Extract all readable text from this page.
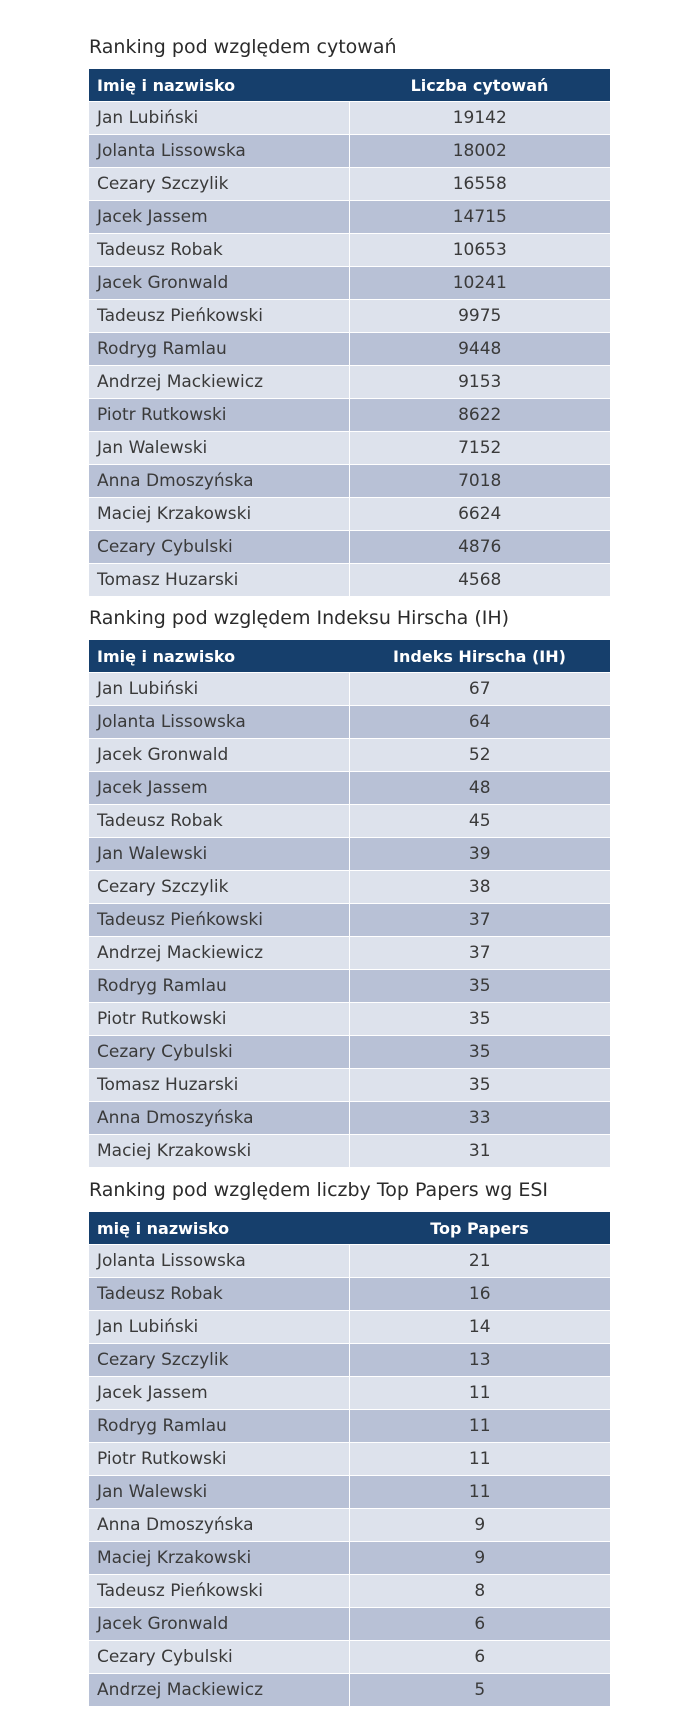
Ranking pod względem cytowań
Imię i nazwisko	Liczba cytowań
Jan Lubiński	19142
Jolanta Lissowska	18002
Cezary Szczylik	16558
Jacek Jassem	14715
Tadeusz Robak	10653
Jacek Gronwald	10241
Tadeusz Pieńkowski	9975
Rodryg Ramlau	9448
Andrzej Mackiewicz	9153
Piotr Rutkowski	8622
Jan Walewski	7152
Anna Dmoszyńska	7018
Maciej Krzakowski	6624
Cezary Cybulski	4876
Tomasz Huzarski	4568
Ranking pod względem Indeksu Hirscha (IH)
Imię i nazwisko	Indeks Hirscha (IH)
Jan Lubiński	67
Jolanta Lissowska	64
Jacek Gronwald	52
Jacek Jassem	48
Tadeusz Robak	45
Jan Walewski	39
Cezary Szczylik	38
Tadeusz Pieńkowski	37
Andrzej Mackiewicz	37
Rodryg Ramlau	35
Piotr Rutkowski	35
Cezary Cybulski	35
Tomasz Huzarski	35
Anna Dmoszyńska	33
Maciej Krzakowski	31
Ranking pod względem liczby Top Papers wg ESI
mię i nazwisko	Top Papers
Jolanta Lissowska	21
Tadeusz Robak	16
Jan Lubiński	14
Cezary Szczylik	13
Jacek Jassem	11
Rodryg Ramlau	11
Piotr Rutkowski	11
Jan Walewski	11
Anna Dmoszyńska	9
Maciej Krzakowski	9
Tadeusz Pieńkowski	8
Jacek Gronwald	6
Cezary Cybulski	6
Andrzej Mackiewicz	5
